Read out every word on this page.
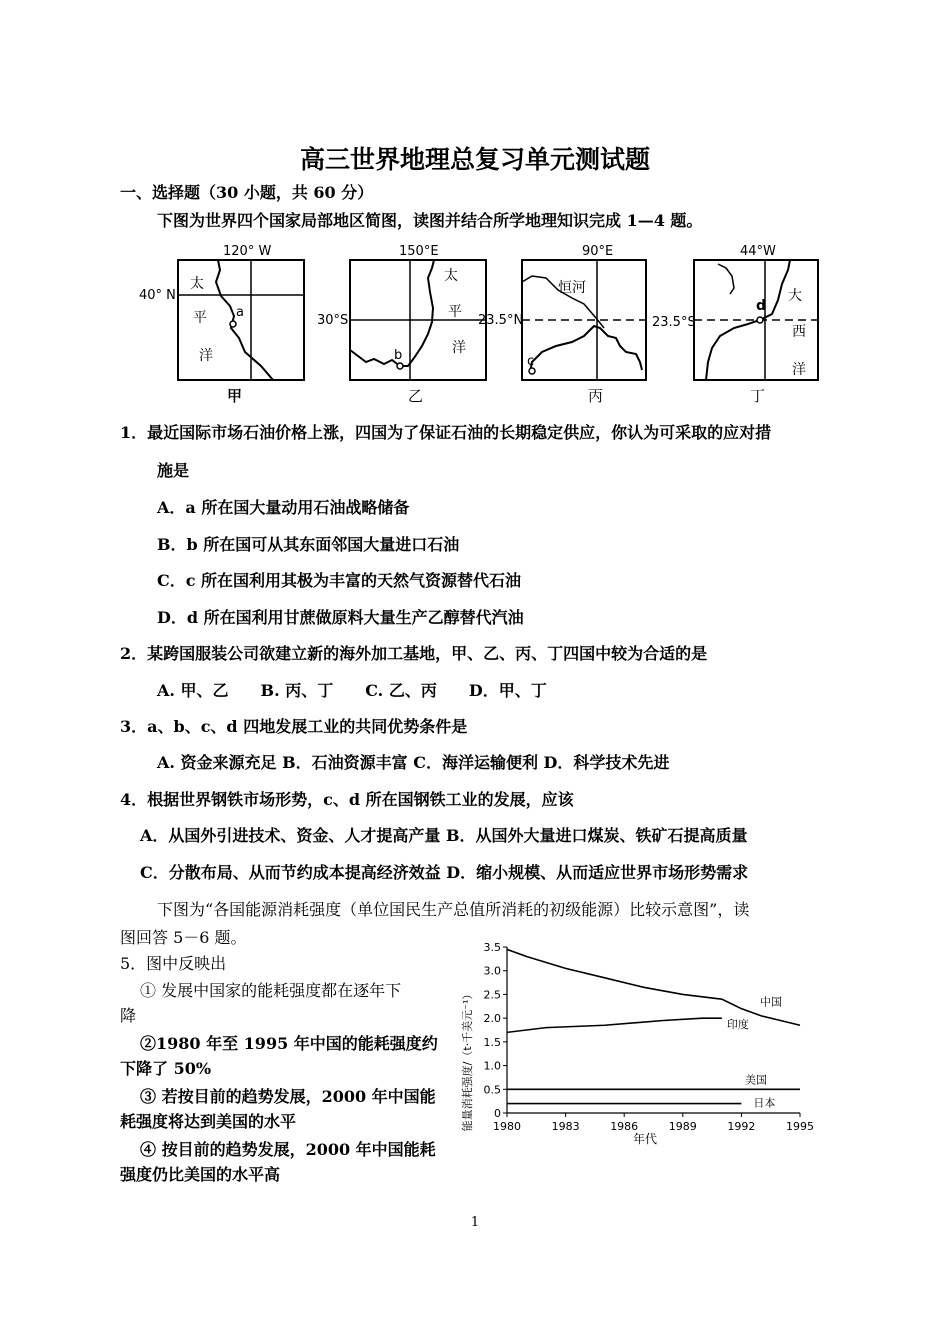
高三世界地理总复习单元测试题
一、选择题（30 小题，共 60 分）
下图为世界四个国家局部地区简图，读图并结合所学地理知识完成 1—4 题。
120° W
40° N
a
太
平
洋
甲
150°E
30°S
b
太
平
洋
乙
90°E
23.5°N
c
恒河
丙
44°W
23.5°S
d
大
西
洋
丁
1．最近国际市场石油价格上涨，四国为了保证石油的长期稳定供应，你认为可采取的应对措
施是
A．a 所在国大量动用石油战略储备
B．b 所在国可从其东面邻国大量进口石油
C．c 所在国利用其极为丰富的天然气资源替代石油
D．d 所在国利用甘蔗做原料大量生产乙醇替代汽油
2．某跨国服装公司欲建立新的海外加工基地，甲、乙、丙、丁四国中较为合适的是
A. 甲、乙　　B. 丙、丁　　C. 乙、丙　　D．甲、丁
3．a、b、c、d 四地发展工业的共同优势条件是
A. 资金来源充足 B．石油资源丰富 C．海洋运输便利 D．科学技术先进
4．根据世界钢铁市场形势，c、d 所在国钢铁工业的发展，应该
A．从国外引进技术、资金、人才提高产量 B．从国外大量进口煤炭、铁矿石提高质量
C．分散布局、从而节约成本提高经济效益 D．缩小规模、从而适应世界市场形势需求
下图为“各国能源消耗强度（单位国民生产总值所消耗的初级能源）比较示意图”，读
图回答 5－6 题。
5．图中反映出
① 发展中国家的能耗强度都在逐年下
降
②1980 年至 1995 年中国的能耗强度约
下降了 50%
③ 若按目前的趋势发展，2000 年中国能
耗强度将达到美国的水平
④ 按目前的趋势发展，2000 年中国能耗
强度仍比美国的水平高
能量消耗强度/（t·千美元⁻¹）
年代
0
0.5
1.0
1.5
2.0
2.5
3.0
3.5
1980	1983	1986	1989	1992	1995
中国
印度
美国
日本
1
